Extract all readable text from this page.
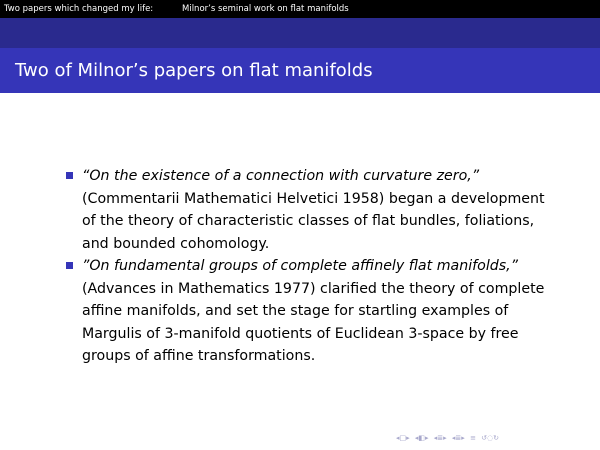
Two papers which changed my life:	Milnor’s seminal work on flat manifolds
Two of Milnor’s papers on flat manifolds
“On the existence of a connection with curvature zero,” (Commentarii Mathematici Helvetici 1958) began a development of the theory of characteristic classes of flat bundles, foliations, and bounded cohomology.
”On fundamental groups of complete affinely flat manifolds,” (Advances in Mathematics 1977) clarified the theory of complete affine manifolds, and set the stage for startling examples of Margulis of 3-manifold quotients of Euclidean 3-space by free groups of affine transformations.
◂□▸ ◂◧▸ ◂≣▸ ◂≣▸ ≡ ↺◌↻
